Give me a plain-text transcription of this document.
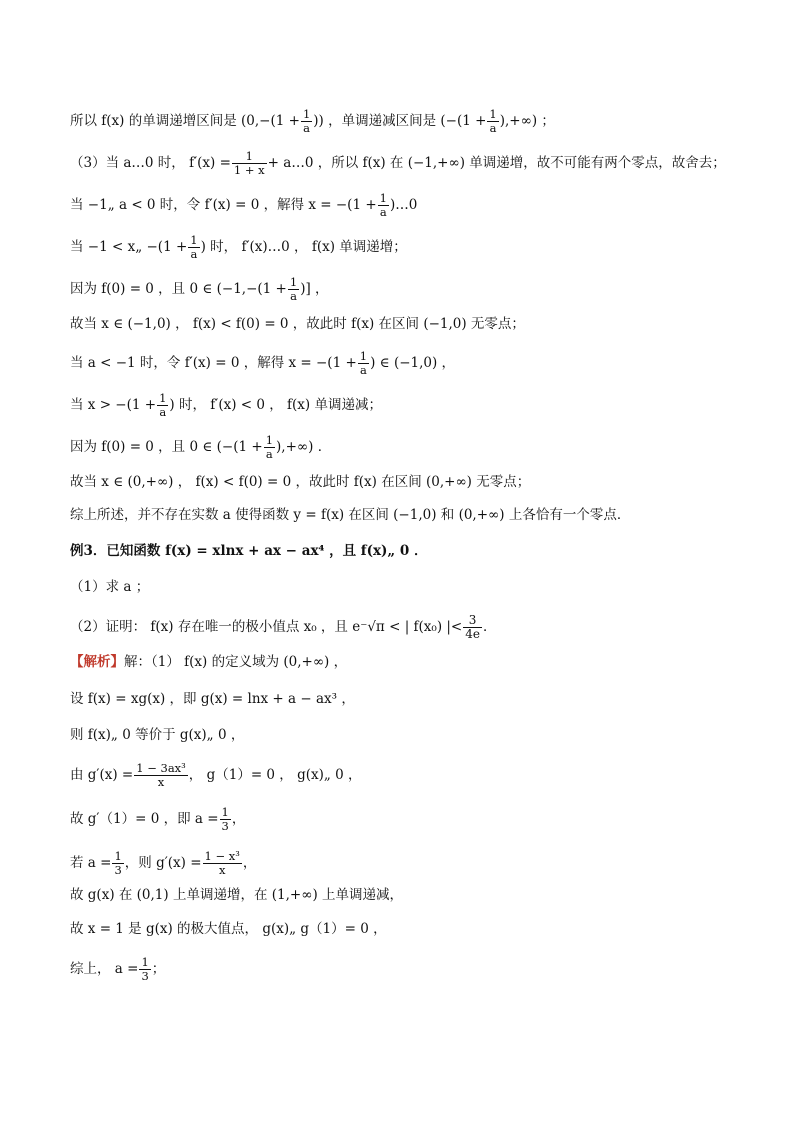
所以 f(x) 的单调递增区间是 ($0,-(1 + \frac{1}{a}$ )) ，单调递减区间是 ($-(1 + \frac{1}{a}$ ),+∞) ；
（3）当 a…0 时， $f'(x) = \frac{1}{1 + x}$ + a…0 ，所以 f(x) 在 (−1,+∞) 单调递增，故不可能有两个零点，故舍去；
当 −1„ a < 0 时，令 f′(x) = 0 ，解得 $x = -(1 + \frac{1}{a}$ )…0
当 −1 < x„ $-(1 + \frac{1}{a}$ ) 时， f′(x)…0 ， f(x) 单调递增；
因为 f(0) = 0 ，且 0 ∈ ($-1,-(1 + \frac{1}{a}$ )] ，
故当 x ∈ (−1,0) ， f(x) < f(0) = 0 ，故此时 f(x) 在区间 (−1,0) 无零点；
当 a < −1 时，令 f′(x) = 0 ，解得 $x = -(1 + \frac{1}{a}$ ) ∈ (−1,0) ，
当 $x > -(1 + \frac{1}{a}$ ) 时， f′(x) < 0 ， f(x) 单调递减；
因为 f(0) = 0 ，且 0 ∈ ($-(1 + \frac{1}{a}$ ),+∞) ．
故当 x ∈ (0,+∞) ， f(x) < f(0) = 0 ，故此时 f(x) 在区间 (0,+∞) 无零点；
综上所述，并不存在实数 a 使得函数 y = f(x) 在区间 (−1,0) 和 (0,+∞) 上各恰有一个零点．
例3．已知函数 f(x) = xlnx + ax − ax⁴ ，且 f(x)„ 0 ．
（1）求 a ；
（2）证明： f(x) 存在唯一的极小值点 x₀ ，且 e⁻√π < | f(x₀) |< $\frac{3}{4e}$ ．
【解析】解：（1） f(x) 的定义域为 (0,+∞) ，
设 f(x) = xg(x) ，即 g(x) = lnx + a − ax³ ，
则 f(x)„ 0 等价于 g(x)„ 0 ，
由 $g'(x) = \frac{\text{1 − 3ax³}}{x}$ ， g（1）= 0 ， g(x)„ 0 ，
故 g′（1）= 0 ，即 $a = \frac{1}{3}$ ，
若 $a = \frac{1}{3}$ ，则 $g'(x) = \frac{\text{1 − x³}}{x}$ ，
故 g(x) 在 (0,1) 上单调递增，在 (1,+∞) 上单调递减，
故 x = 1 是 g(x) 的极大值点， g(x)„ g（1）= 0 ，
综上， $a = \frac{1}{3}$ ；
